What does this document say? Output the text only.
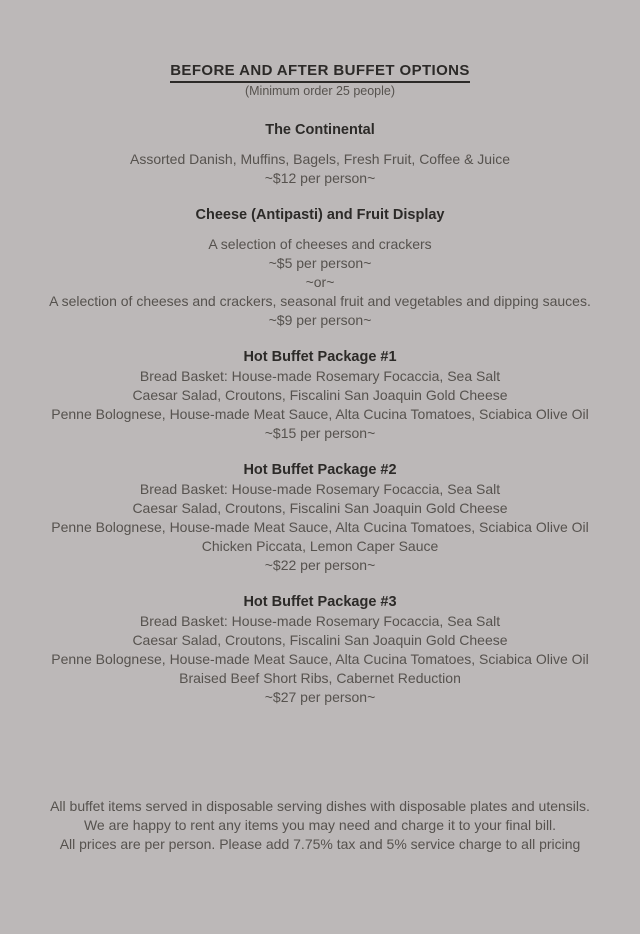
BEFORE AND AFTER BUFFET OPTIONS
(Minimum order 25 people)
The Continental
Assorted Danish, Muffins, Bagels, Fresh Fruit, Coffee & Juice
~$12 per person~
Cheese (Antipasti) and Fruit Display
A selection of cheeses and crackers
~$5 per person~
~or~
A selection of cheeses and crackers, seasonal fruit and vegetables and dipping sauces.
~$9 per person~
Hot Buffet Package #1
Bread Basket: House-made Rosemary Focaccia, Sea Salt
Caesar Salad, Croutons, Fiscalini San Joaquin Gold Cheese
Penne Bolognese, House-made Meat Sauce, Alta Cucina Tomatoes, Sciabica Olive Oil
~$15 per person~
Hot Buffet Package #2
Bread Basket: House-made Rosemary Focaccia, Sea Salt
Caesar Salad, Croutons, Fiscalini San Joaquin Gold Cheese
Penne Bolognese, House-made Meat Sauce, Alta Cucina Tomatoes, Sciabica Olive Oil
Chicken Piccata, Lemon Caper Sauce
~$22 per person~
Hot Buffet Package #3
Bread Basket: House-made Rosemary Focaccia, Sea Salt
Caesar Salad, Croutons, Fiscalini San Joaquin Gold Cheese
Penne Bolognese, House-made Meat Sauce, Alta Cucina Tomatoes, Sciabica Olive Oil
Braised Beef Short Ribs, Cabernet Reduction
~$27 per person~
All buffet items served in disposable serving dishes with disposable plates and utensils.
We are happy to rent any items you may need and charge it to your final bill.
All prices are per person. Please add 7.75% tax and 5% service charge to all pricing
